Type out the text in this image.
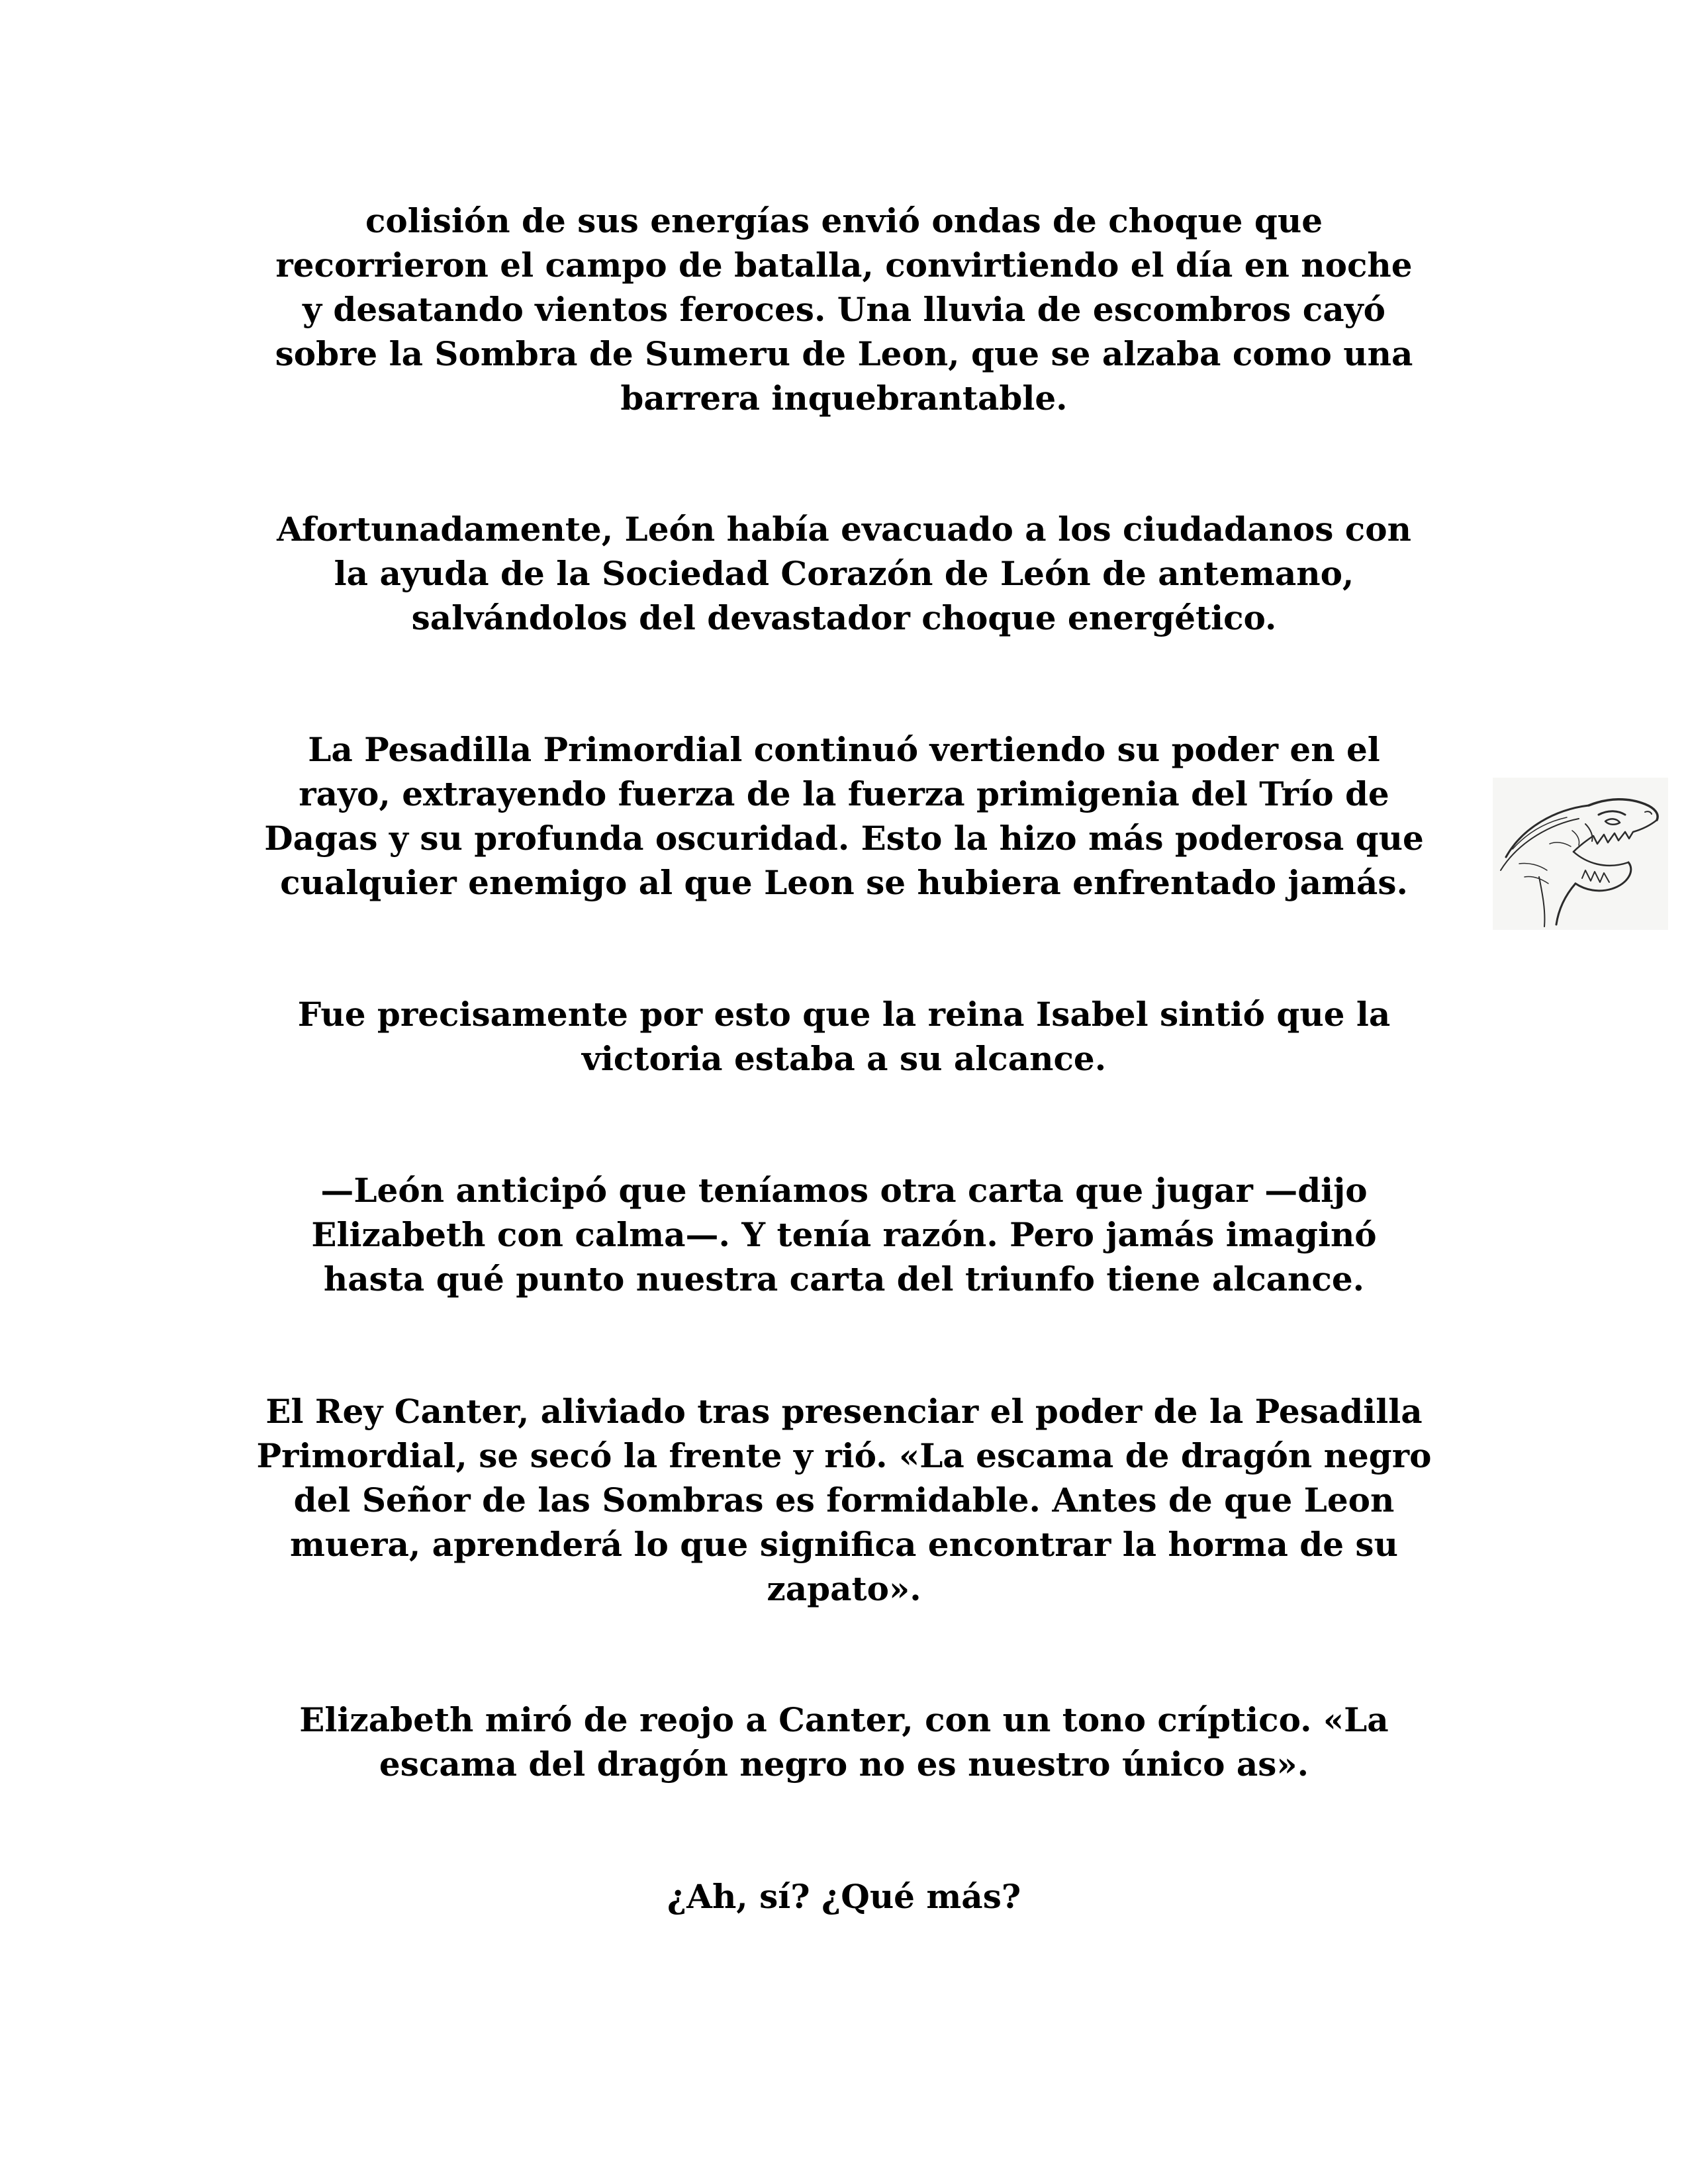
colisión de sus energías envió ondas de choque que
recorrieron el campo de batalla, convirtiendo el día en noche
y desatando vientos feroces. Una lluvia de escombros cayó
sobre la Sombra de Sumeru de Leon, que se alzaba como una
barrera inquebrantable.

Afortunadamente, León había evacuado a los ciudadanos con
la ayuda de la Sociedad Corazón de León de antemano,
salvándolos del devastador choque energético.

La Pesadilla Primordial continuó vertiendo su poder en el
rayo, extrayendo fuerza de la fuerza primigenia del Trío de
Dagas y su profunda oscuridad. Esto la hizo más poderosa que
cualquier enemigo al que Leon se hubiera enfrentado jamás.

Fue precisamente por esto que la reina Isabel sintió que la
victoria estaba a su alcance.

—León anticipó que teníamos otra carta que jugar —dijo
Elizabeth con calma—. Y tenía razón. Pero jamás imaginó
hasta qué punto nuestra carta del triunfo tiene alcance.

El Rey Canter, aliviado tras presenciar el poder de la Pesadilla
Primordial, se secó la frente y rió. «La escama de dragón negro
del Señor de las Sombras es formidable. Antes de que Leon
muera, aprenderá lo que significa encontrar la horma de su
zapato».

Elizabeth miró de reojo a Canter, con un tono críptico. «La
escama del dragón negro no es nuestro único as».

¿Ah, sí? ¿Qué más?
